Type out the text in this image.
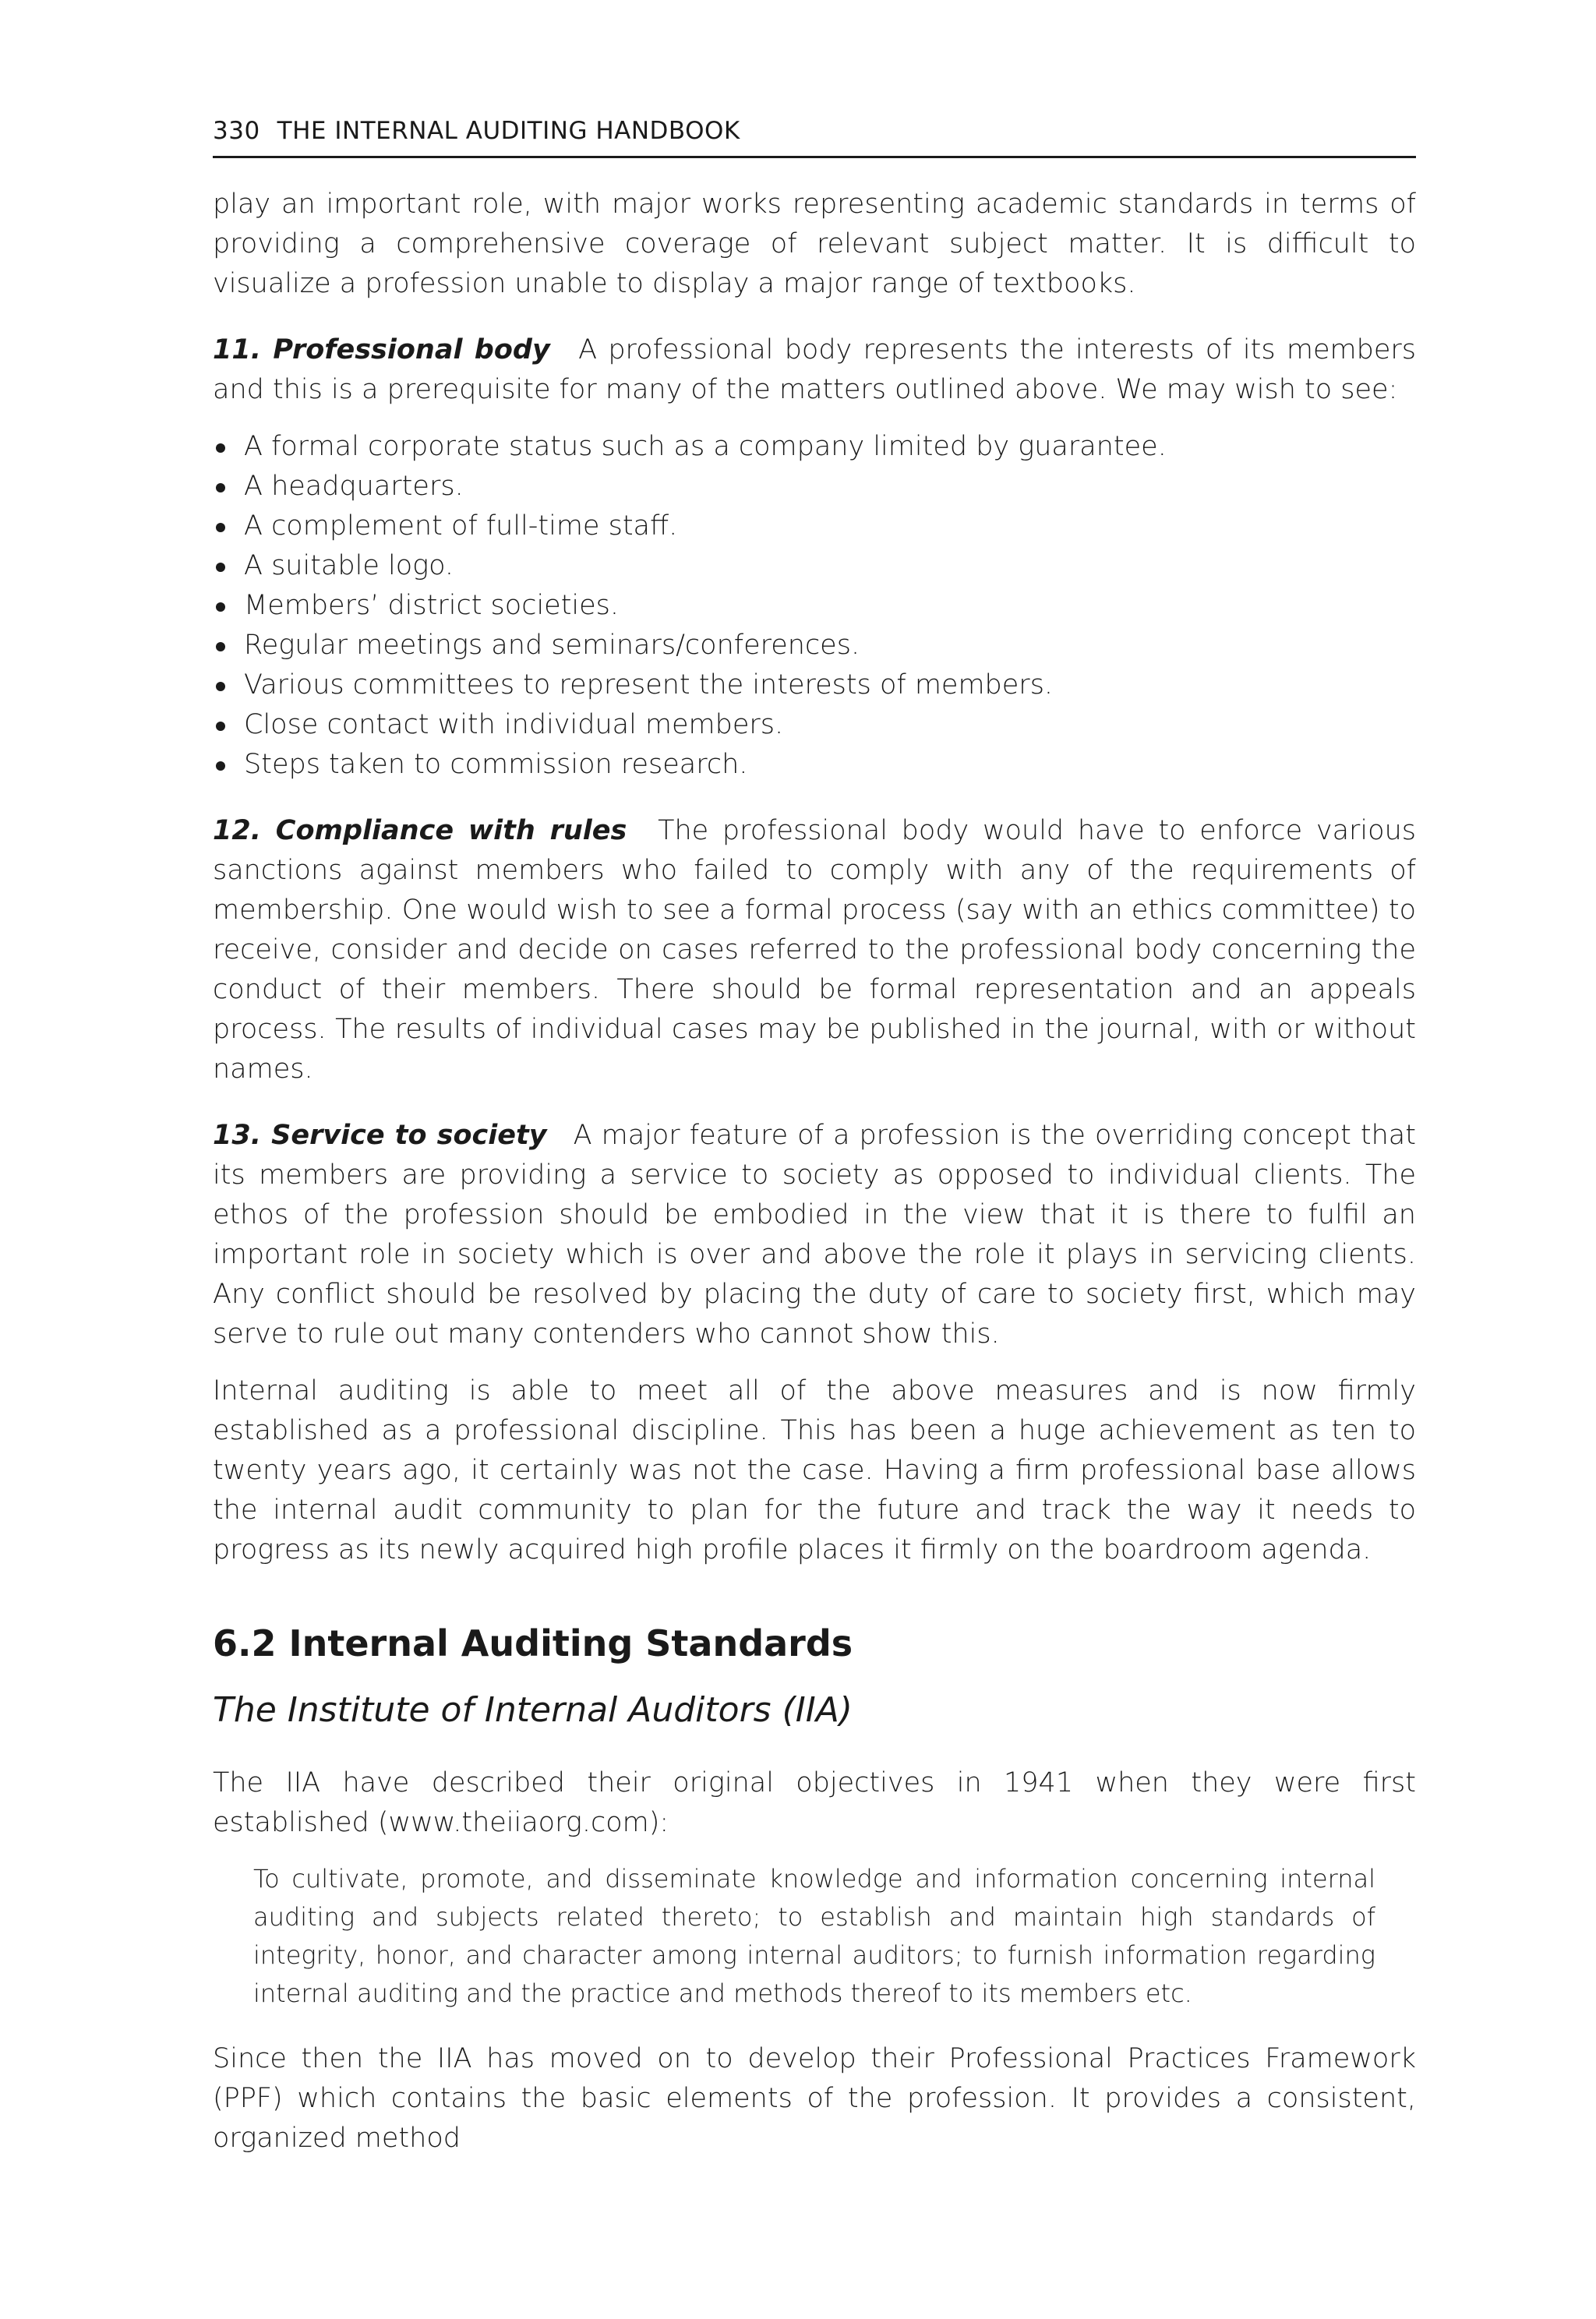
330 THE INTERNAL AUDITING HANDBOOK

play an important role, with major works representing academic standards in terms of providing a comprehensive coverage of relevant subject matter. It is difficult to visualize a profession unable to display a major range of textbooks.

11. Professional body A professional body represents the interests of its members and this is a prerequisite for many of the matters outlined above. We may wish to see:

A formal corporate status such as a company limited by guarantee.
A headquarters.
A complement of full-time staff.
A suitable logo.
Members’ district societies.
Regular meetings and seminars/conferences.
Various committees to represent the interests of members.
Close contact with individual members.
Steps taken to commission research.

12. Compliance with rules The professional body would have to enforce various sanctions against members who failed to comply with any of the requirements of membership. One would wish to see a formal process (say with an ethics committee) to receive, consider and decide on cases referred to the professional body concerning the conduct of their members. There should be formal representation and an appeals process. The results of individual cases may be published in the journal, with or without names.

13. Service to society A major feature of a profession is the overriding concept that its members are providing a service to society as opposed to individual clients. The ethos of the profession should be embodied in the view that it is there to fulfil an important role in society which is over and above the role it plays in servicing clients. Any conflict should be resolved by placing the duty of care to society first, which may serve to rule out many contenders who cannot show this.

Internal auditing is able to meet all of the above measures and is now firmly established as a professional discipline. This has been a huge achievement as ten to twenty years ago, it certainly was not the case. Having a firm professional base allows the internal audit community to plan for the future and track the way it needs to progress as its newly acquired high profile places it firmly on the boardroom agenda.

6.2 Internal Auditing Standards
The Institute of Internal Auditors (IIA)

The IIA have described their original objectives in 1941 when they were first established (www.theiiaorg.com):

To cultivate, promote, and disseminate knowledge and information concerning internal auditing and subjects related thereto; to establish and maintain high standards of integrity, honor, and character among internal auditors; to furnish information regarding internal auditing and the practice and methods thereof to its members etc.

Since then the IIA has moved on to develop their Professional Practices Framework (PPF) which contains the basic elements of the profession. It provides a consistent, organized method
